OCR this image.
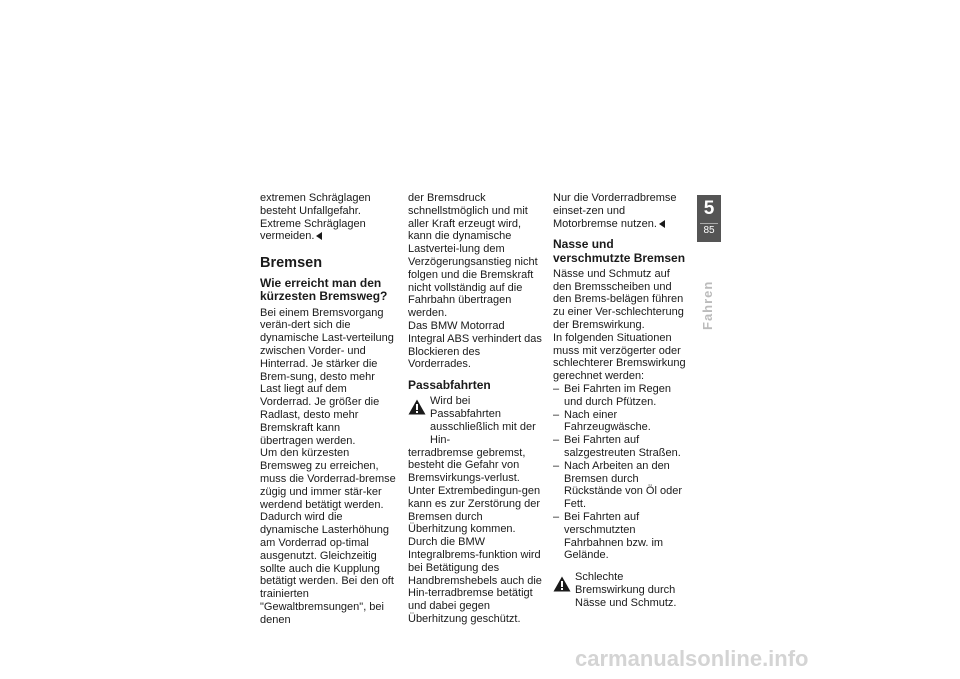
extremen Schräglagen besteht Unfallgefahr.

Extreme Schräglagen vermeiden.

Bremsen
Wie erreicht man den kürzesten Bremsweg?

Bei einem Bremsvorgang verän-dert sich die dynamische Last-verteilung zwischen Vorder- und Hinterrad. Je stärker die Brem-sung, desto mehr Last liegt auf dem Vorderrad. Je größer die Radlast, desto mehr Bremskraft kann übertragen werden.

Um den kürzesten Bremsweg zu erreichen, muss die Vorderrad-bremse zügig und immer stär-ker werdend betätigt werden. Dadurch wird die dynamische Lasterhöhung am Vorderrad op-timal ausgenutzt. Gleichzeitig sollte auch die Kupplung betätigt werden. Bei den oft trainierten "Gewaltbremsungen", bei denen

der Bremsdruck schnellstmöglich und mit aller Kraft erzeugt wird, kann die dynamische Lastvertei-lung dem Verzögerungsanstieg nicht folgen und die Bremskraft nicht vollständig auf die Fahrbahn übertragen werden.

Das BMW Motorrad Integral ABS verhindert das Blockieren des Vorderrades.

Passabfahrten

Wird bei Passabfahrten

ausschließlich mit der Hin-

terradbremse gebremst, besteht die Gefahr von Bremsvirkungs-verlust. Unter Extrembedingun-gen kann es zur Zerstörung der Bremsen durch Überhitzung kommen.

Durch die BMW Integralbrems-funktion wird bei Betätigung des Handbremshebels auch die Hin-terradbremse betätigt und dabei gegen Überhitzung geschützt.

Nur die Vorderradbremse einset-zen und Motorbremse nutzen.

Nasse und verschmutzte Bremsen

Nässe und Schmutz auf den Bremsscheiben und den Brems-belägen führen zu einer Ver-schlechterung der Bremswirkung.

In folgenden Situationen muss mit verzögerter oder schlechterer Bremswirkung gerechnet werden:

– Bei Fahrten im Regen und durch Pfützen.
– Nach einer Fahrzeugwäsche.
– Bei Fahrten auf salzgestreuten Straßen.
– Nach Arbeiten an den Bremsen durch Rückstände von Öl oder Fett.
– Bei Fahrten auf verschmutzten Fahrbahnen bzw. im Gelände.

Schlechte Bremswirkung durch Nässe und Schmutz.

5
85
Fahren
carmanualsonline.info
